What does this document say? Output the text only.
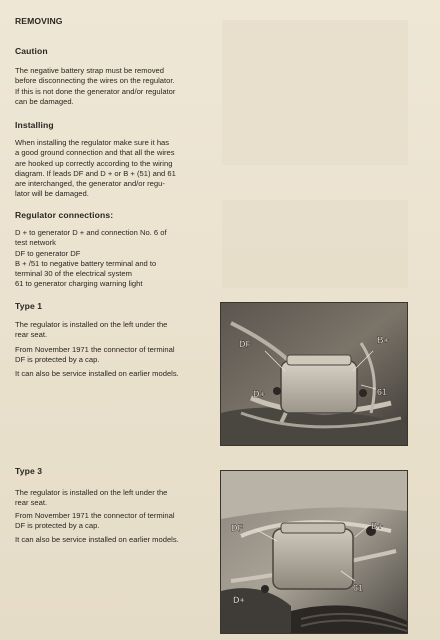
REMOVING
Caution
The negative battery strap must be removed
before disconnecting the wires on the regulator.
If this is not done the generator and/or regulator
can be damaged.
Installing
When installing the regulator make sure it has
a good ground connection and that all the wires
are hooked up correctly according to the wiring
diagram. If leads DF and D + or B + (51) and 61
are interchanged, the generator and/or regu-
lator will be damaged.
Regulator connections:
D + to generator D + and connection No. 6 of
test network
DF to generator DF
B + /51 to negative battery terminal and to
terminal 30 of the electrical system
61 to generator charging warning light
Type 1
The regulator is installed on the left under the
rear seat.
From November 1971 the connector of terminal
DF is protected by a cap.
It can also be service installed on earlier models.
DF	B+
D+	61
Type 3
The regulator is installed on the left under the
rear seat.
From November 1971 the connector of terminal
DF is protected by a cap.
It can also be service installed on earlier models.
DF	B+
D+
61
